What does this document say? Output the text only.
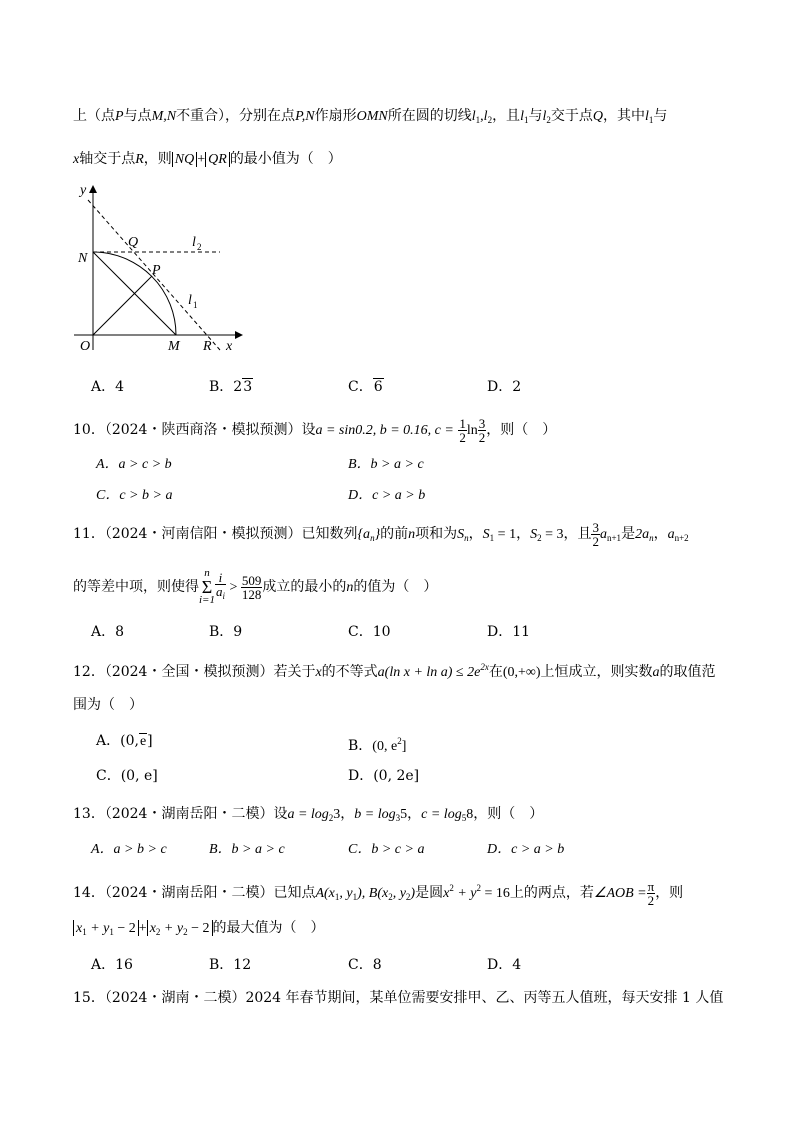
上（点P与点M,N不重合），分别在点P,N作扇形OMN所在圆的切线$l_1,l_2$，且$l_1$与$l_2$交于点Q，其中$l_1$与
x轴交于点R，则 NQ + QR 的最小值为（　）
y
Q	l 2
N
P
l 1
O	M R x
A．4	B．23	C．6	D．2
10．（2024・陕西商洛・模拟预测）设a = sin0.2, b = 0.16, $c = \frac{1}{2}$ $\ln \frac{3}{2}$ ，则（　）
A．a > c > b	B．b > a > c
C．c > b > a	D．c > a > b
11．（2024・河南信阳・模拟预测）已知数列$\{a_n\}$的前n项和为$S_n$，$S_1 = 1$，$S_2 = 3$，且 $\frac{3}{2} a_{n+1}$是$2a_n$，$a_{n+2}$
的等差中项，则使得
n
Σ
$i=1 \frac{i}{a_i} > \frac{509}{128}$ 成立的最小的n的值为（　）
A．8	B．9	C．10	D．11
12．（2024・全国・模拟预测）若关于x的不等式a(ln $x + \ln a) \le 2e^{2x}$在(0,+∞)上恒成立，则实数a的取值范
围为（　）
A．(0,e]	B．(0, $e^2$]
C．(0, e]	D．(0, 2e]
13．（2024・湖南岳阳・二模）设$a = \log_23$，$b = \log_35$，$c = \log_58$，则（　）
A．a > b > c	B．b > a > c	C．b > c > a	D．c > a > b
14．（2024・湖南岳阳・二模）已知点$A(x_1$, $y_1$), $B(x_2$, $y_2$)是圆$x^2 + y^2 = 16$上的两点，若∠AOB = $\frac{\pi}{2}$ ，则
$x_1 + y_1 - 2 + x_2 + y_2 - 2$ 的最大值为（　）
A．16	B．12	C．8	D．4
15．（2024・湖南・二模）2024 年春节期间，某单位需要安排甲、乙、丙等五人值班，每天安排 1 人值
